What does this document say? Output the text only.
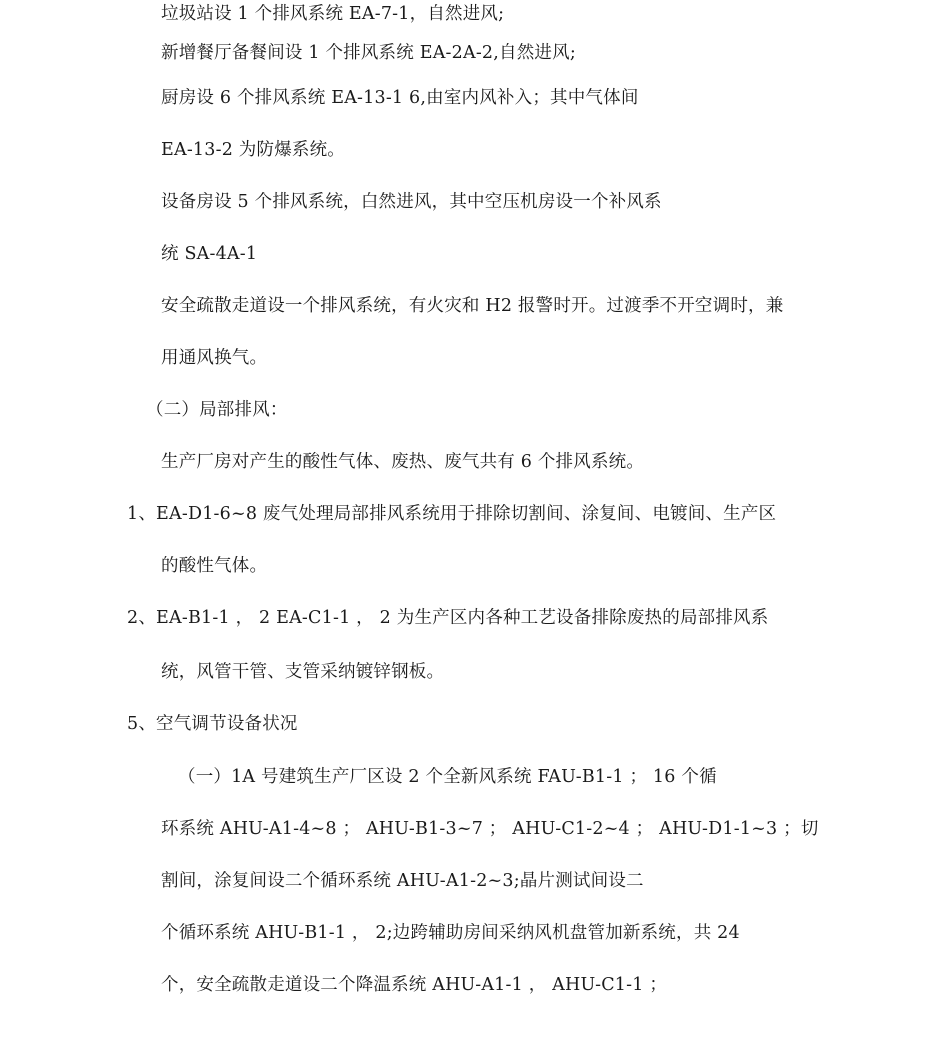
垃圾站设 1 个排风系统 EA-7-1，自然进风;
新增餐厅备餐间设 1 个排风系统 EA-2A-2,自然进风;
厨房设 6 个排风系统 EA-13-1 6,由室内风补入；其中气体间
EA-13-2 为防爆系统。
设备房设 5 个排风系统，白然进风，其中空压机房设一个补风系
统 SA-4A-1
安全疏散走道设一个排风系统，有火灾和 H2 报警时开。过渡季不开空调时，兼
用通风换气。
（二）局部排风：
生产厂房对产生的酸性气体、废热、废气共有 6 个排风系统。
1、EA-D1-6~8 废气处理局部排风系统用于排除切割间、涂复间、电镀间、生产区
的酸性气体。
2、EA-B1-1 ， 2 EA-C1-1 ， 2 为生产区内各种工艺设备排除废热的局部排风系
统，风管干管、支管采纳镀锌钢板。
5、空气调节设备状况
（一）1A 号建筑生产厂区设 2 个全新风系统 FAU-B1-1 ； 16 个循
环系统 AHU-A1-4~8 ； AHU-B1-3~7 ； AHU-C1-2~4 ； AHU-D1-1~3 ；切
割间，涂复间设二个循环系统 AHU-A1-2~3;晶片测试间设二
个循环系统 AHU-B1-1 ， 2;边跨辅助房间采纳风机盘管加新系统，共 24
个，安全疏散走道设二个降温系统 AHU-A1-1 ， AHU-C1-1 ；
